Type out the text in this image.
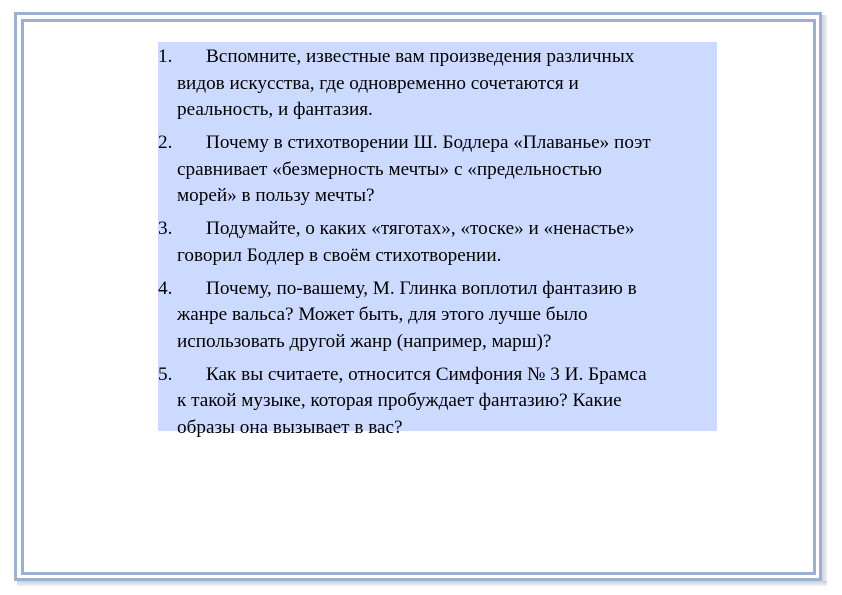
1.	Вспомните, известные вам произведения различных
видов искусства, где одновременно сочетаются и
реальность, и фантазия.
2.	Почему в стихотворении Ш. Бодлера «Плаванье» поэт
сравнивает «безмерность мечты» с «предельностью
морей» в пользу мечты?
3.	Подумайте, о каких «тяготах», «тоске» и «ненастье»
говорил Бодлер в своём стихотворении.
4.	Почему, по-вашему, М. Глинка воплотил фантазию в
жанре вальса? Может быть, для этого лучше было
использовать другой жанр (например, марш)?
5.	Как вы считаете, относится Симфония № 3 И. Брамса
к такой музыке, которая пробуждает фантазию? Какие
образы она вызывает в вас?
